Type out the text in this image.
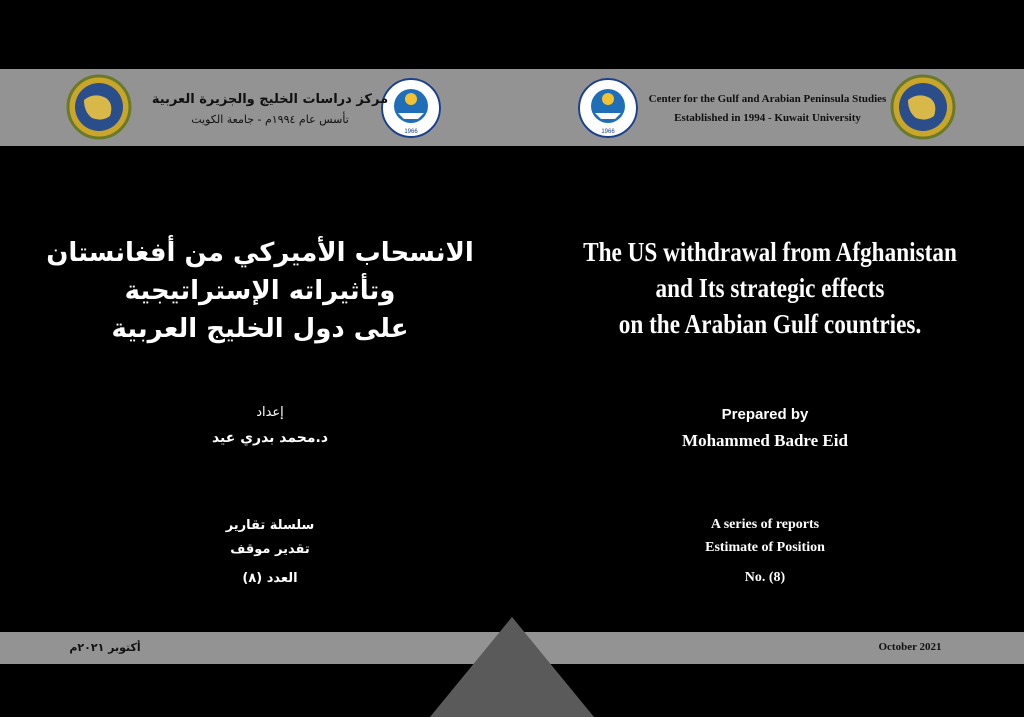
1966	1966
Center for the Gulf and Arabian Peninsula Studies
Established in 1994 - Kuwait University
مركز دراسات الخليج والجزيرة العربية
تأسس عام ١٩٩٤م - جامعة الكويت
الانسحاب الأميركي من أفغانستان
وتأثيراته الإستراتيجية
على دول الخليج العربية
The US withdrawal from Afghanistan
and Its strategic effects
on the Arabian Gulf countries.
Prepared by
Mohammed Badre Eid
A series of reports
Estimate of Position
No. (8)
إعداد
د.محمد بدري عيد
سلسلة تقارير
تقدير موقف
العدد (٨)
October 2021
أكتوبر ٢٠٢١م
